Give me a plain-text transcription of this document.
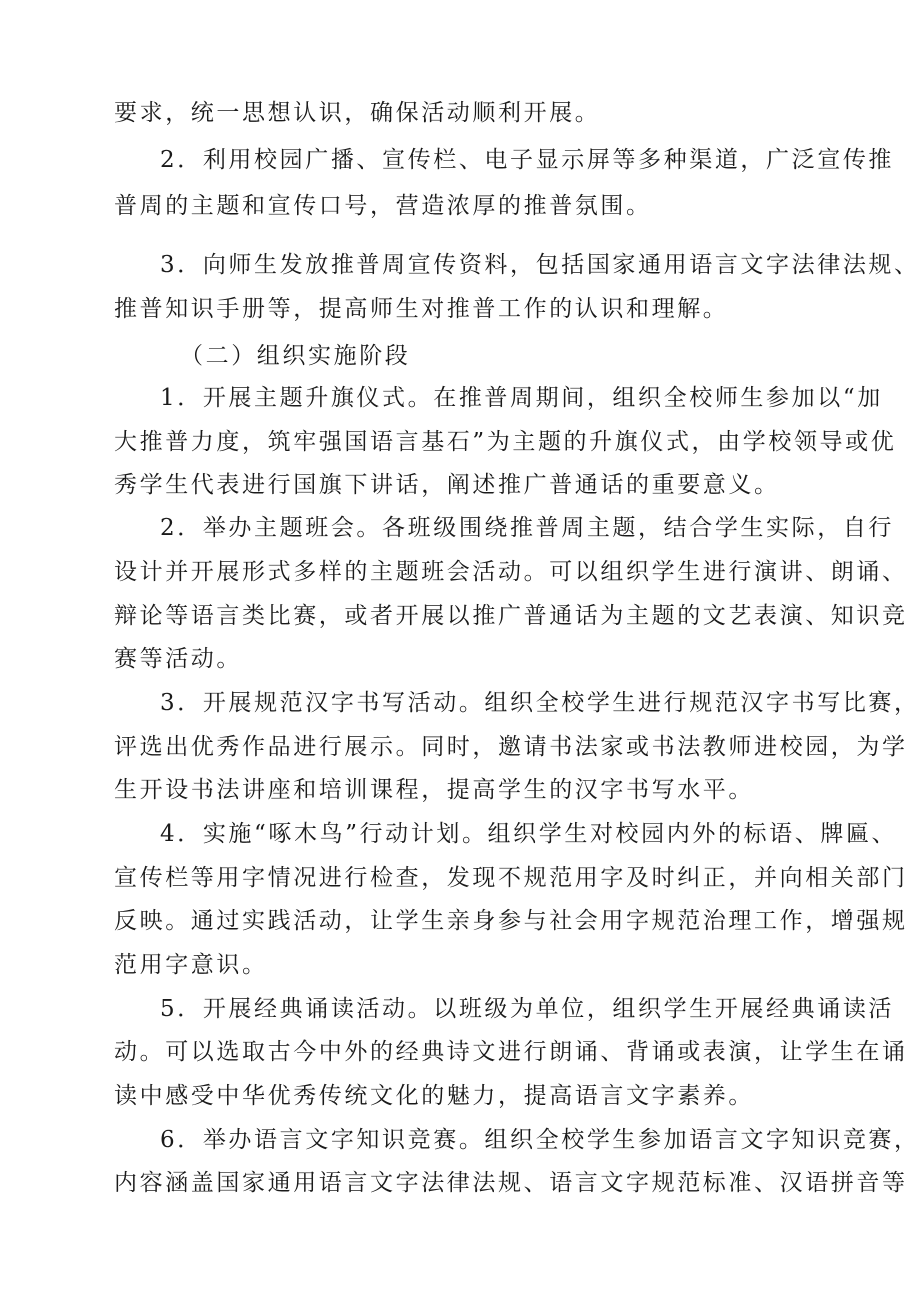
要求，统一思想认识，确保活动顺利开展。
2．利用校园广播、宣传栏、电子显示屏等多种渠道，广泛宣传推
普周的主题和宣传口号，营造浓厚的推普氛围。
3．向师生发放推普周宣传资料，包括国家通用语言文字法律法规、
推普知识手册等，提高师生对推普工作的认识和理解。
（二）组织实施阶段
1．开展主题升旗仪式。在推普周期间，组织全校师生参加以“加
大推普力度，筑牢强国语言基石”为主题的升旗仪式，由学校领导或优
秀学生代表进行国旗下讲话，阐述推广普通话的重要意义。
2．举办主题班会。各班级围绕推普周主题，结合学生实际，自行
设计并开展形式多样的主题班会活动。可以组织学生进行演讲、朗诵、
辩论等语言类比赛，或者开展以推广普通话为主题的文艺表演、知识竞
赛等活动。
3．开展规范汉字书写活动。组织全校学生进行规范汉字书写比赛，
评选出优秀作品进行展示。同时，邀请书法家或书法教师进校园，为学
生开设书法讲座和培训课程，提高学生的汉字书写水平。
4．实施“啄木鸟”行动计划。组织学生对校园内外的标语、牌匾、
宣传栏等用字情况进行检查，发现不规范用字及时纠正，并向相关部门
反映。通过实践活动，让学生亲身参与社会用字规范治理工作，增强规
范用字意识。
5．开展经典诵读活动。以班级为单位，组织学生开展经典诵读活
动。可以选取古今中外的经典诗文进行朗诵、背诵或表演，让学生在诵
读中感受中华优秀传统文化的魅力，提高语言文字素养。
6．举办语言文字知识竞赛。组织全校学生参加语言文字知识竞赛，
内容涵盖国家通用语言文字法律法规、语言文字规范标准、汉语拼音等
